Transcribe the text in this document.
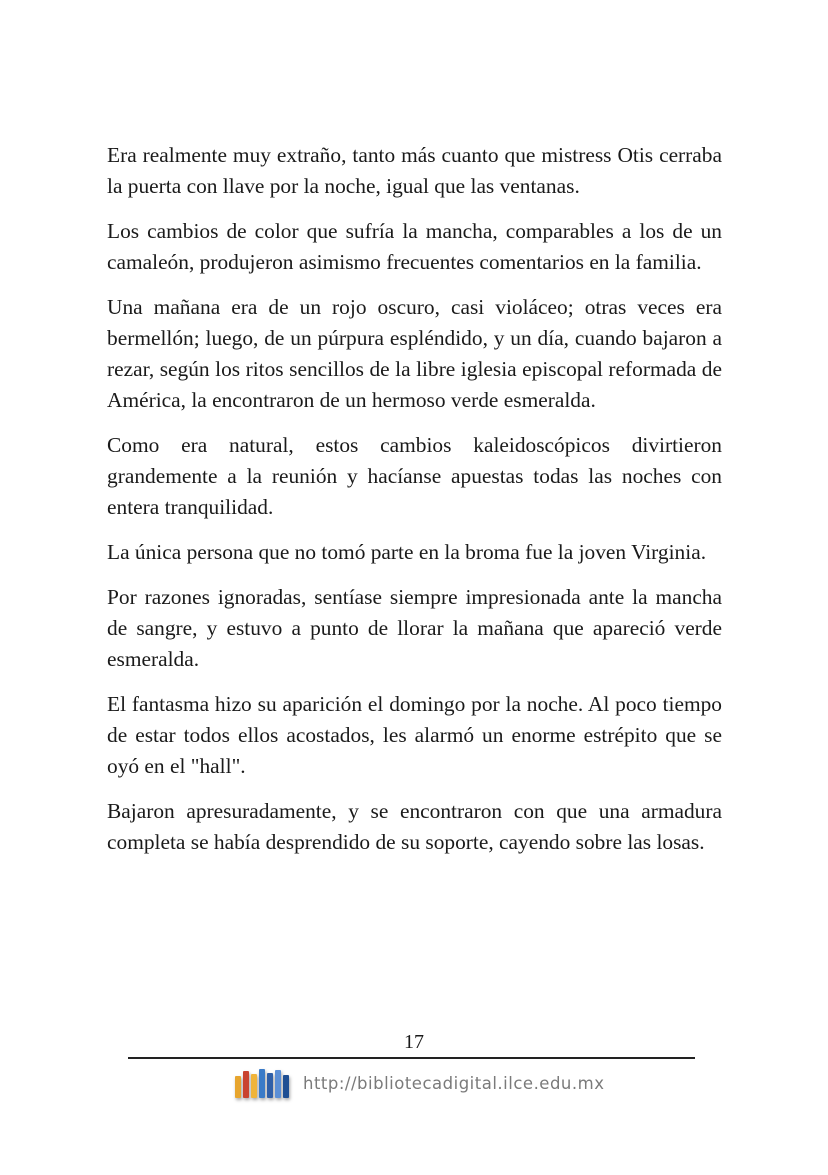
Era realmente muy extraño, tanto más cuanto que mistress Otis cerraba la puerta con llave por la noche, igual que las ventanas.

Los cambios de color que sufría la mancha, comparables a los de un camaleón, produjeron asimismo frecuentes comentarios en la familia.

Una mañana era de un rojo oscuro, casi violáceo; otras veces era bermellón; luego, de un púrpura espléndido, y un día, cuando bajaron a rezar, según los ritos sencillos de la libre iglesia episcopal reformada de América, la encontraron de un hermoso verde esmeralda.

Como era natural, estos cambios kaleidoscópicos divirtieron grandemente a la reunión y hacíanse apuestas todas las noches con entera tranquilidad.

La única persona que no tomó parte en la broma fue la joven Virginia.

Por razones ignoradas, sentíase siempre impresionada ante la mancha de sangre, y estuvo a punto de llorar la mañana que apareció verde esmeralda.

El fantasma hizo su aparición el domingo por la noche. Al poco tiempo de estar todos ellos acostados, les alarmó un enorme estrépito que se oyó en el "hall".

Bajaron apresuradamente, y se encontraron con que una armadura completa se había desprendido de su soporte, cayendo sobre las losas.

17
http://bibliotecadigital.ilce.edu.mx
